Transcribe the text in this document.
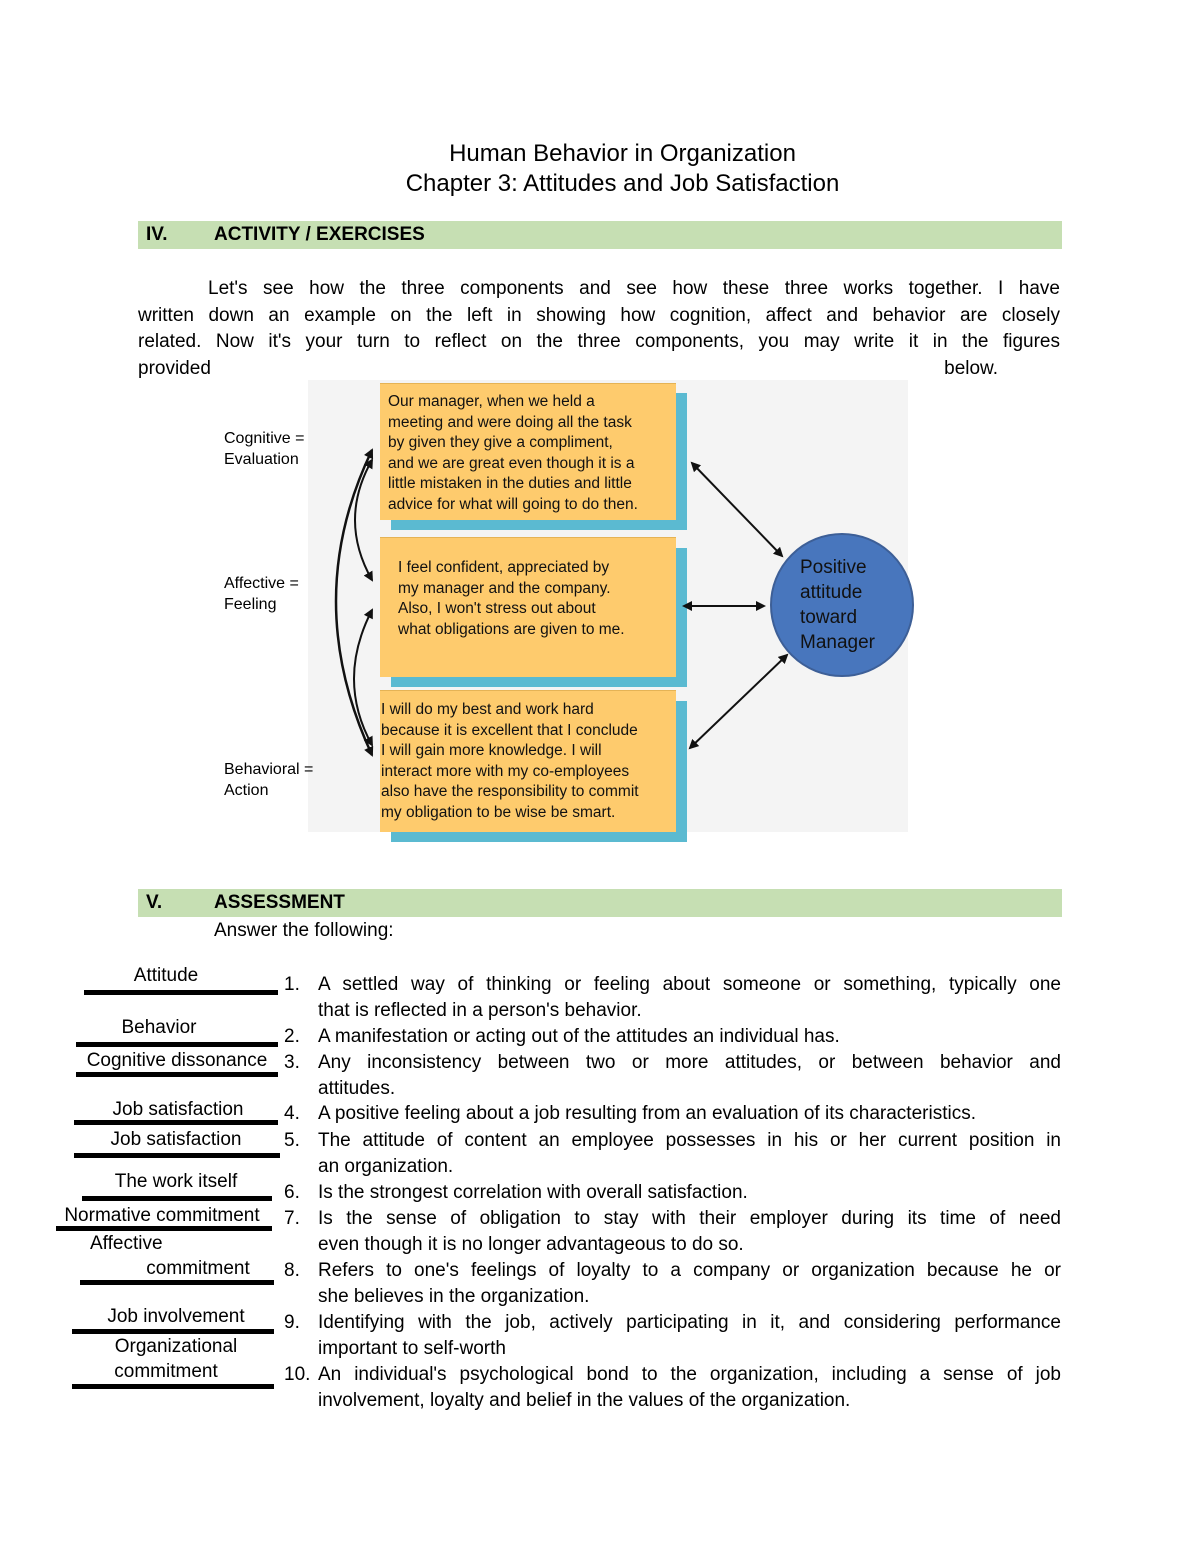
Human Behavior in Organization
Chapter 3: Attitudes and Job Satisfaction
IV. ACTIVITY / EXERCISES
Let's see how the three components and see how these three works together. I have
written down an example on the left in showing how cognition, affect and behavior are closely
related. Now it's your turn to reflect on the three components, you may write it in the figures
provided	below.
Cognitive =
Evaluation
Affective =
Feeling
Behavioral =
Action
Our manager, when we held a
meeting and were doing all the task
by given they give a compliment,
and we are great even though it is a
little mistaken in the duties and little
advice for what will going to do then.
I feel confident, appreciated by
my manager and the company.
Also, I won't stress out about
what obligations are given to me.
I will do my best and work hard
because it is excellent that I conclude
I will gain more knowledge. I will
interact more with my co-employees
also have the responsibility to commit
my obligation to be wise be smart.
Positive
attitude
toward
Manager
V.	ASSESSMENT
Answer the following:
1. A settled way of thinking or feeling about someone or something, typically one
that is reflected in a person's behavior.
2. A manifestation or acting out of the attitudes an individual has.
3. Any inconsistency between two or more attitudes, or between behavior and
attitudes.
4. A positive feeling about a job resulting from an evaluation of its characteristics.
5. The attitude of content an employee possesses in his or her current position in
an organization.
6. Is the strongest correlation with overall satisfaction.
7. Is the sense of obligation to stay with their employer during its time of need
even though it is no longer advantageous to do so.
8. Refers to one's feelings of loyalty to a company or organization because he or
she believes in the organization.
9. Identifying with the job, actively participating in it, and considering performance
important to self-worth
10. An individual's psychological bond to the organization, including a sense of job
involvement, loyalty and belief in the values of the organization.
Attitude
Behavior
Cognitive dissonance
Job satisfaction
Job satisfaction
The work itself
Normative commitment
Affective
commitment
Job involvement
Organizational
commitment
